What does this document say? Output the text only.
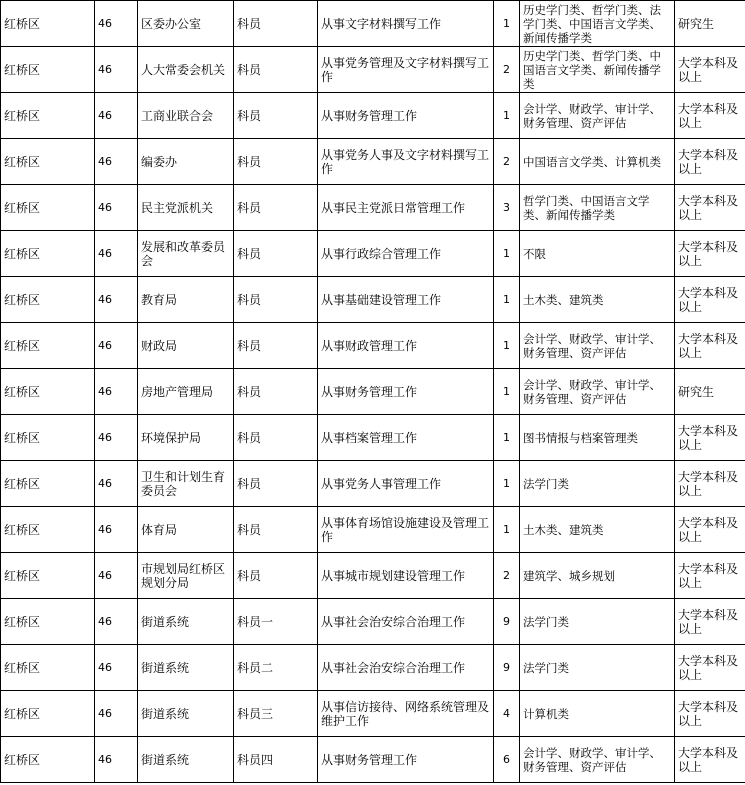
红桥区	46	区委办公室	科员	从事文字材料撰写工作	1	历史学门类、哲学门类、法学门类、中国语言文学类、新闻传播学类	研究生
红桥区	46	人大常委会机关	科员	从事党务管理及文字材料撰写工作	2	历史学门类、哲学门类、中国语言文学类、新闻传播学类	大学本科及以上
红桥区	46	工商业联合会	科员	从事财务管理工作	1	会计学、财政学、审计学、财务管理、资产评估	大学本科及以上
红桥区	46	编委办	科员	从事党务人事及文字材料撰写工作	2	中国语言文学类、计算机类	大学本科及以上
红桥区	46	民主党派机关	科员	从事民主党派日常管理工作	3	哲学门类、中国语言文学类、新闻传播学类	大学本科及以上
红桥区	46	发展和改革委员会	科员	从事行政综合管理工作	1	不限	大学本科及以上
红桥区	46	教育局	科员	从事基础建设管理工作	1	土木类、建筑类	大学本科及以上
红桥区	46	财政局	科员	从事财政管理工作	1	会计学、财政学、审计学、财务管理、资产评估	大学本科及以上
红桥区	46	房地产管理局	科员	从事财务管理工作	1	会计学、财政学、审计学、财务管理、资产评估	研究生
红桥区	46	环境保护局	科员	从事档案管理工作	1	图书情报与档案管理类	大学本科及以上
红桥区	46	卫生和计划生育委员会	科员	从事党务人事管理工作	1	法学门类	大学本科及以上
红桥区	46	体育局	科员	从事体育场馆设施建设及管理工作	1	土木类、建筑类	大学本科及以上
红桥区	46	市规划局红桥区规划分局	科员	从事城市规划建设管理工作	2	建筑学、城乡规划	大学本科及以上
红桥区	46	街道系统	科员一	从事社会治安综合治理工作	9	法学门类	大学本科及以上
红桥区	46	街道系统	科员二	从事社会治安综合治理工作	9	法学门类	大学本科及以上
红桥区	46	街道系统	科员三	从事信访接待、网络系统管理及维护工作	4	计算机类	大学本科及以上
红桥区	46	街道系统	科员四	从事财务管理工作	6	会计学、财政学、审计学、财务管理、资产评估	大学本科及以上
